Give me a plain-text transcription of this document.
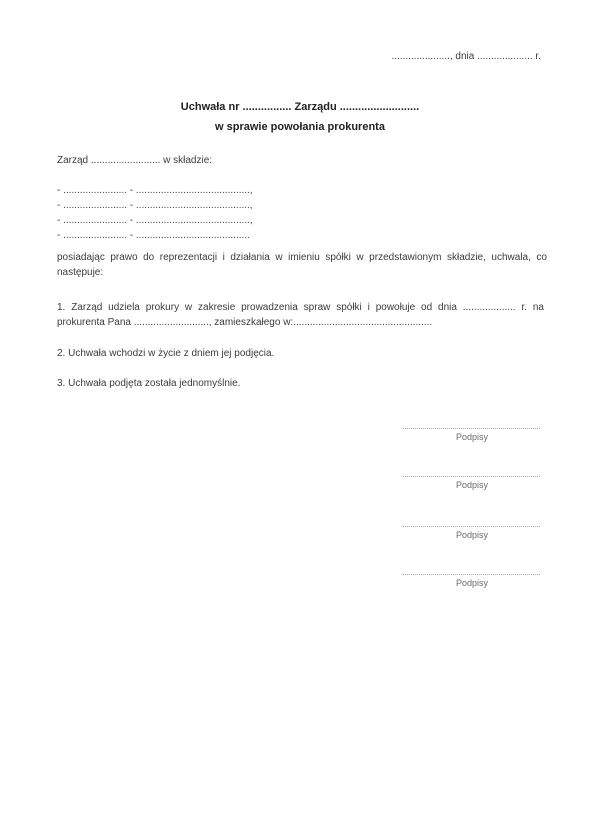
....................., dnia .................... r.
Uchwała nr ................ Zarządu ..........................
w sprawie powołania prokurenta
Zarząd ......................... w składzie:
- ....................... - .........................................,
- ....................... - .........................................,
- ....................... - .........................................,
- ....................... - .........................................
posiadając prawo do reprezentacji i działania w imieniu spółki w przedstawionym składzie, uchwala, co następuje:
1. Zarząd udziela prokury w zakresie prowadzenia spraw spółki i powołuje od dnia ................... r. na prokurenta Pana ..........................., zamieszkałego w:..................................................
2. Uchwała wchodzi w życie z dniem jej podjęcia.
3. Uchwała podjęta została jednomyślnie.
Podpisy
Podpisy
Podpisy
Podpisy
